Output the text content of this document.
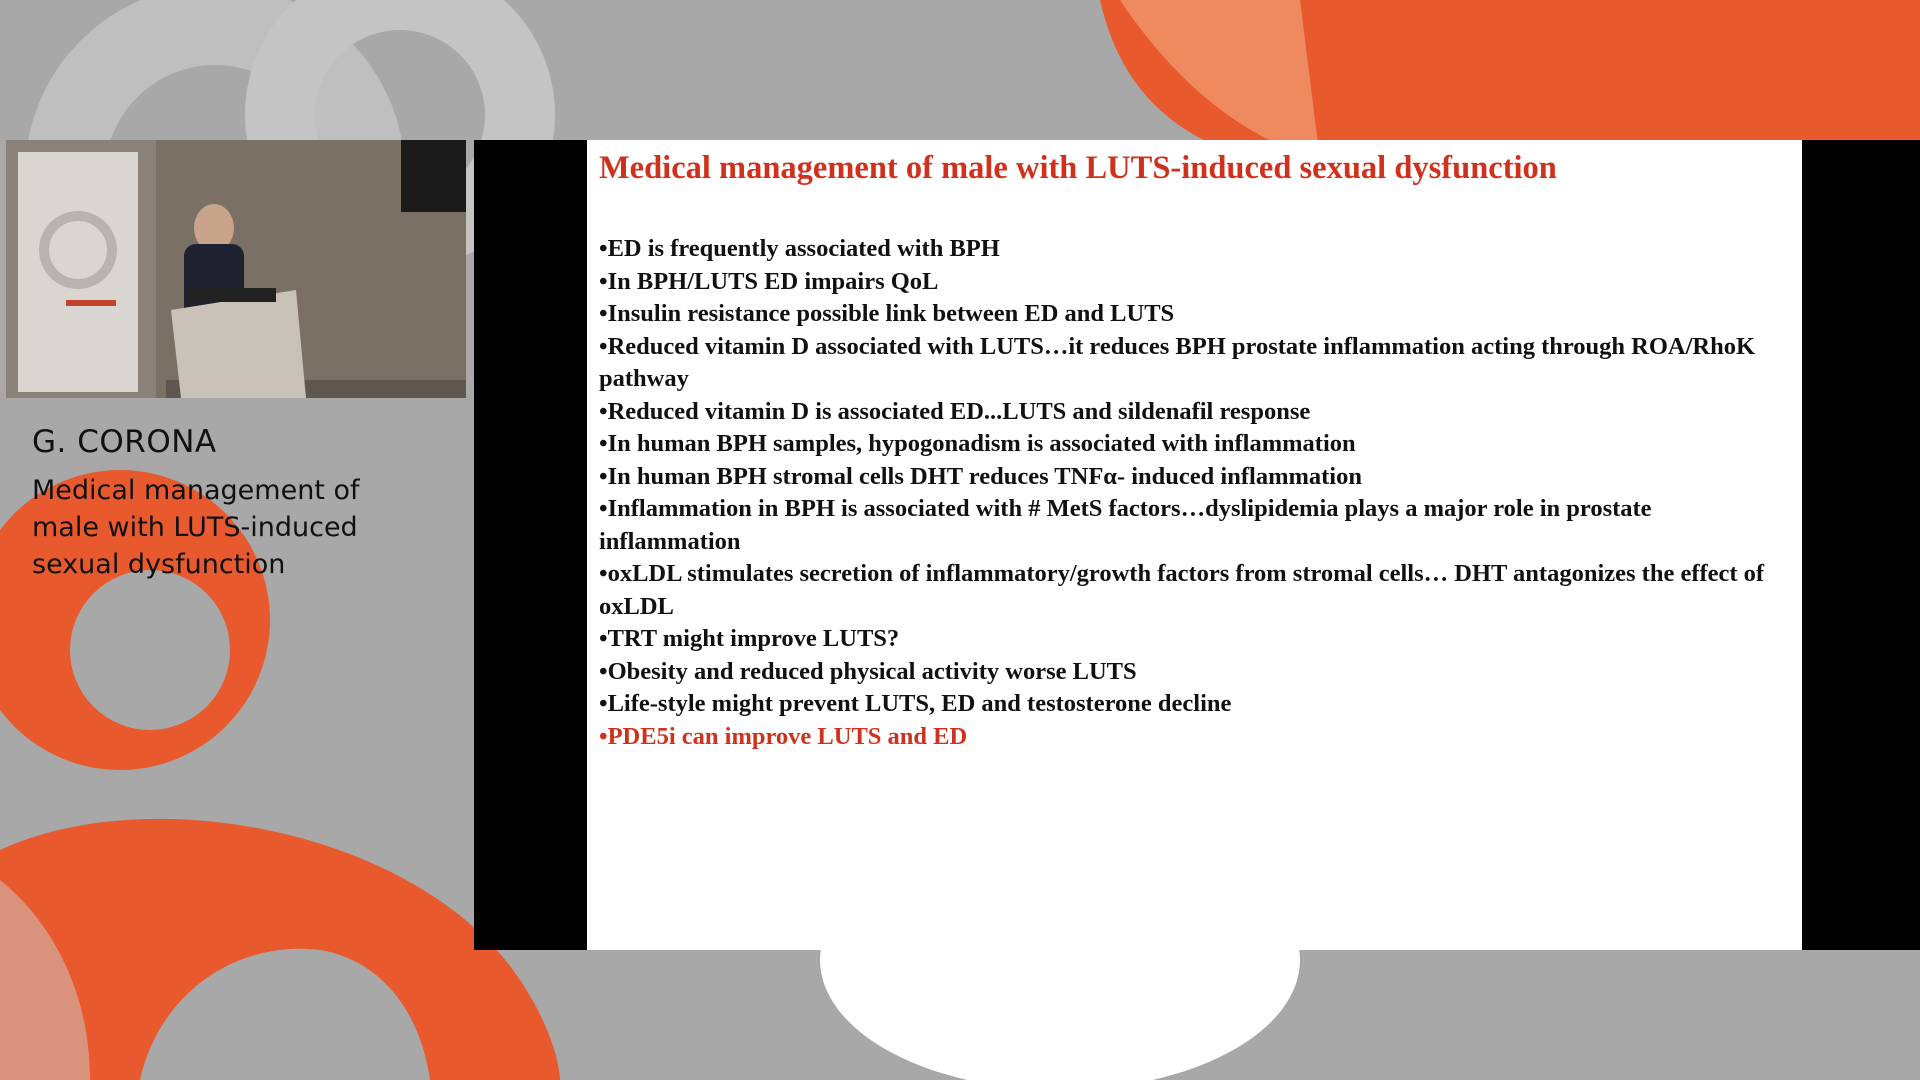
G. CORONA
Medical management of male with LUTS-induced sexual dysfunction
Medical management of male with LUTS-induced sexual dysfunction
•ED is frequently associated with BPH
•In BPH/LUTS ED impairs QoL
•Insulin resistance possible link between ED and LUTS
•Reduced vitamin D associated with LUTS…it reduces BPH prostate inflammation acting through ROA/RhoK pathway
•Reduced vitamin D is associated ED...LUTS and sildenafil response
•In human BPH samples, hypogonadism is associated with inflammation
•In human BPH stromal cells DHT reduces TNFα- induced inflammation
•Inflammation in BPH is associated with # MetS factors…dyslipidemia plays a major role in prostate inflammation
•oxLDL stimulates secretion of inflammatory/growth factors from stromal cells… DHT antagonizes the effect of oxLDL
•TRT might improve LUTS?
•Obesity and reduced physical activity worse LUTS
•Life-style might prevent LUTS, ED and testosterone decline
•PDE5i can improve LUTS and ED
